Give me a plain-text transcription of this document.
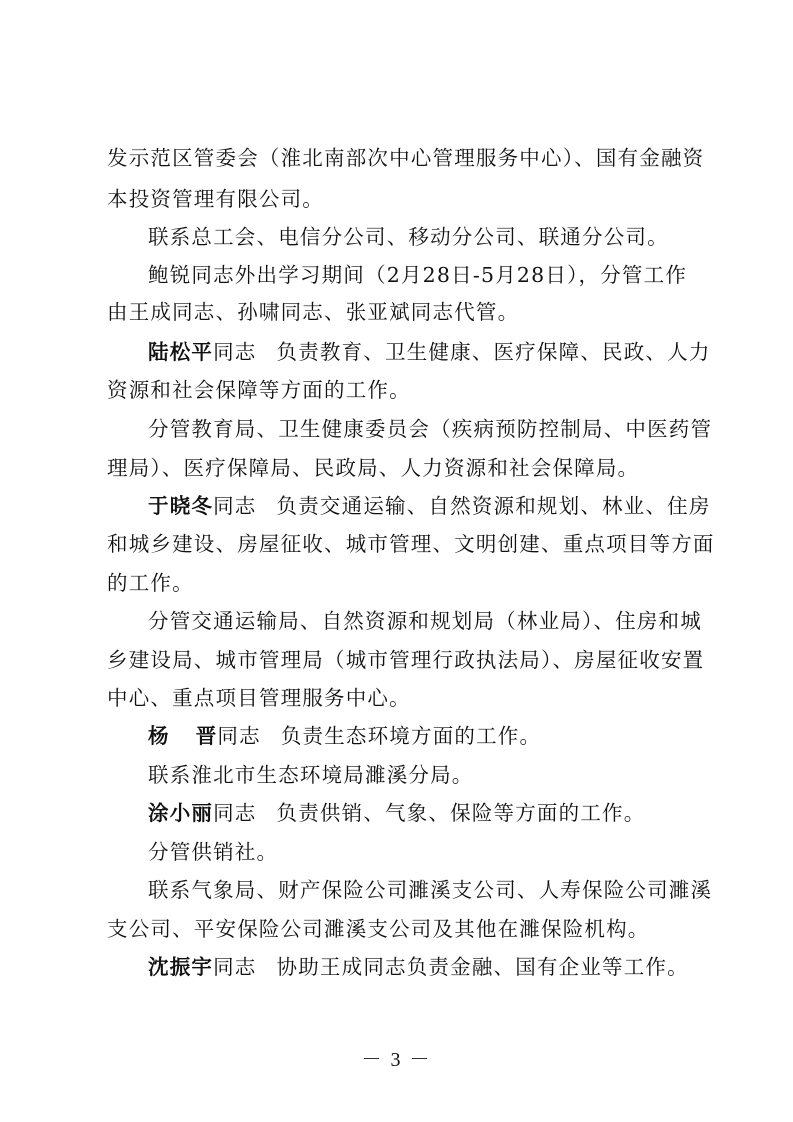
发示范区管委会（淮北南部次中心管理服务中心）、国有金融资
本投资管理有限公司。
联系总工会、电信分公司、移动分公司、联通分公司。
鲍锐同志外出学习期间（2月28日-5月28日），分管工作
由王成同志、孙啸同志、张亚斌同志代管。
陆松平同志 负责教育、卫生健康、医疗保障、民政、人力
资源和社会保障等方面的工作。
分管教育局、卫生健康委员会（疾病预防控制局、中医药管
理局）、医疗保障局、民政局、人力资源和社会保障局。
于晓冬同志 负责交通运输、自然资源和规划、林业、住房
和城乡建设、房屋征收、城市管理、文明创建、重点项目等方面
的工作。
分管交通运输局、自然资源和规划局（林业局）、住房和城
乡建设局、城市管理局（城市管理行政执法局）、房屋征收安置
中心、重点项目管理服务中心。
杨 晋同志 负责生态环境方面的工作。
联系淮北市生态环境局濉溪分局。
涂小丽同志 负责供销、气象、保险等方面的工作。
分管供销社。
联系气象局、财产保险公司濉溪支公司、人寿保险公司濉溪
支公司、平安保险公司濉溪支公司及其他在濉保险机构。
沈振宇同志 协助王成同志负责金融、国有企业等工作。
－ 3 －
